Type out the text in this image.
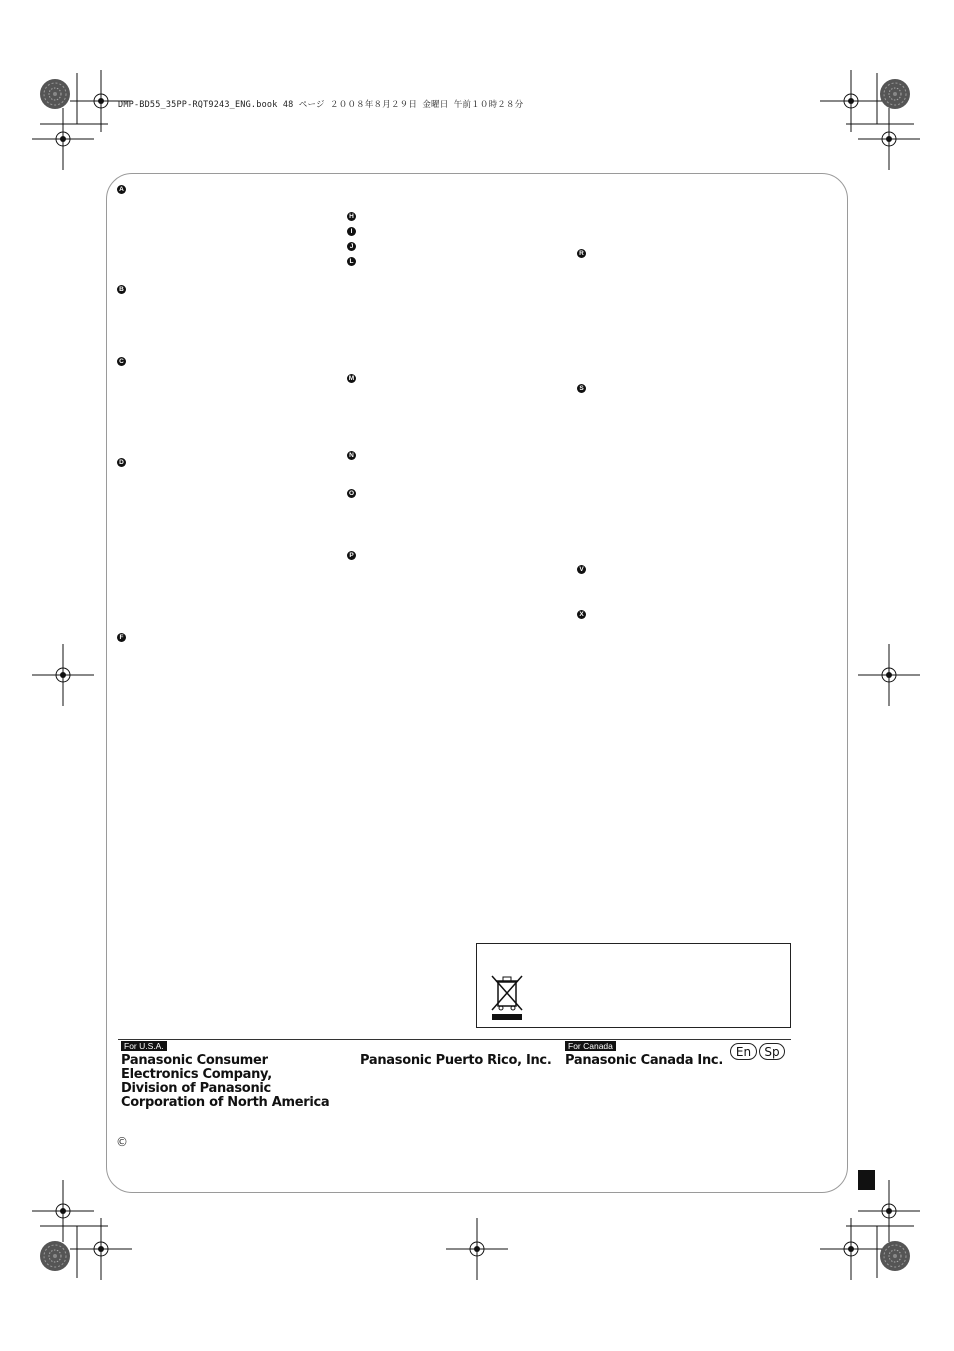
DMP-BD55_35PP-RQT9243_ENG.book 48 ページ ２００８年８月２９日 金曜日 午前１０時２８分
A
B
C
D
F
H
I
J
L
M
N
O
P
R
S
V
X
For U.S.A.
Panasonic Consumer Electronics Company, Division of Panasonic Corporation of North America
Panasonic Puerto Rico, Inc.
For Canada
Panasonic Canada Inc.
En	Sp
©
